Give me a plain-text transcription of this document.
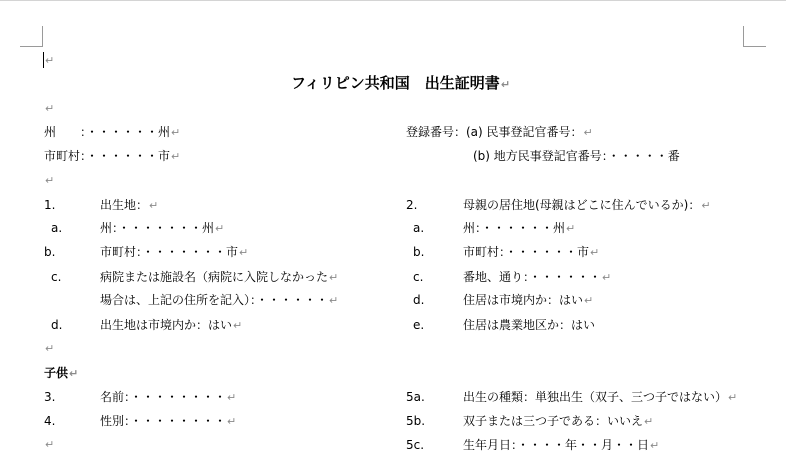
↵
フィリピン共和国　出生証明書↵
↵
州　　：・・・・・・州↵
市町村：・・・・・・市↵
登録番号：(a) 民事登記官番号：↵
(b) 地方民事登記官番号：・・・・・番
↵
1.	出生地：↵
a.	州：・・・・・・・州↵
b.	市町村：・・・・・・・市↵
c.	病院または施設名（病院に入院しなかった↵
場合は、上記の住所を記入）：・・・・・・↵
d.	出生地は市境内か：はい↵
2.	母親の居住地(母親はどこに住んでいるか)：↵
a.	州：・・・・・・州↵
b.	市町村：・・・・・・市↵
c.	番地、通り：・・・・・・↵
d.	住居は市境内か：はい↵
e.	住居は農業地区か：はい
↵
子供↵
3.	名前：・・・・・・・・↵
4.	性別：・・・・・・・・↵
↵
5a.	出生の種類：単独出生（双子、三つ子ではない）↵
5b.	双子または三つ子である：いいえ↵
5c.	生年月日：・・・・年・・月・・日↵
